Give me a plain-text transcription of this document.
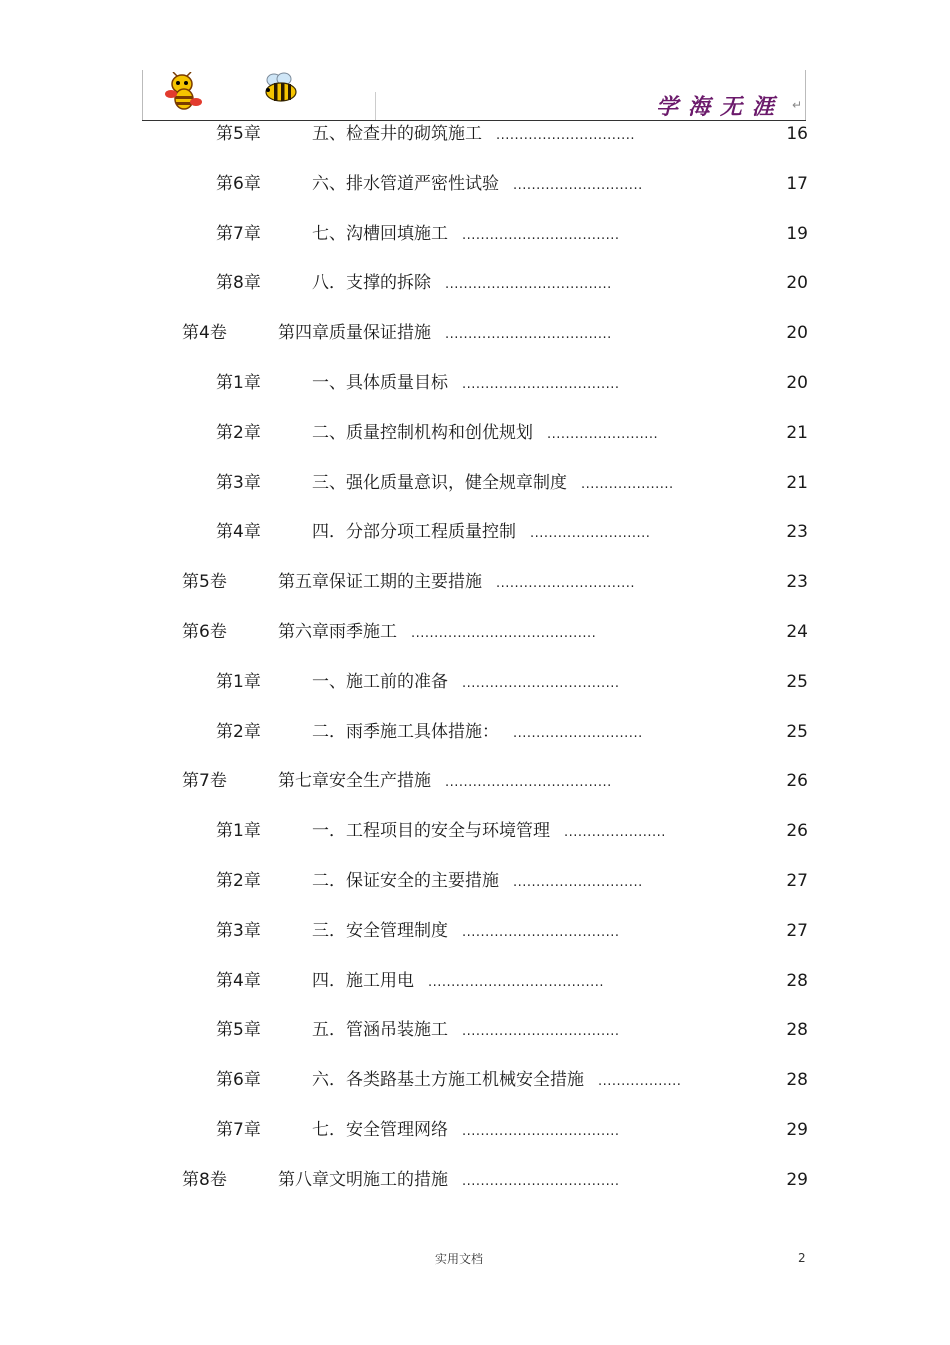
学海无涯 ↵
第5章	五、检查井的砌筑施工 ..............................	16
第6章	六、排水管道严密性试验 ............................	17
第7章	七、沟槽回填施工 ..................................	19
第8章	八．支撑的拆除 ....................................	20
第4卷	第四章质量保证措施 ....................................	20
第1章	一、具体质量目标 ..................................	20
第2章	二、质量控制机构和创优规划 ........................	21
第3章	三、强化质量意识，健全规章制度 ....................	21
第4章	四．分部分项工程质量控制 ..........................	23
第5卷	第五章保证工期的主要措施 ..............................	23
第6卷	第六章雨季施工 ........................................	24
第1章	一、施工前的准备 ..................................	25
第2章	二．雨季施工具体措施： ............................	25
第7卷	第七章安全生产措施 ....................................	26
第1章	一．工程项目的安全与环境管理 ......................	26
第2章	二．保证安全的主要措施 ............................	27
第3章	三．安全管理制度 ..................................	27
第4章	四．施工用电 ......................................	28
第5章	五．管涵吊装施工 ..................................	28
第6章	六．各类路基土方施工机械安全措施 ..................	28
第7章	七．安全管理网络 ..................................	29
第8卷	第八章文明施工的措施 ..................................	29
实用文档	2
